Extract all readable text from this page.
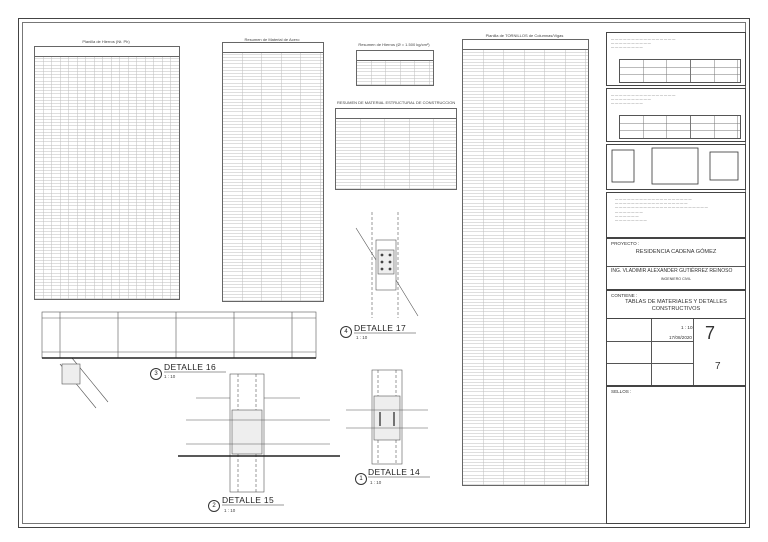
Planilla de Hierros (Nt. Ph)	Resumen de Material de Acero
Resumen de Hierros (Ø = 1.500 kg/cm²)
RESUMEN DE MATERIAL ESTRUCTURAL DE CONSTRUCCION
Planilla de TORNILLOS de Columnas/Vigas
— — — — — — — — — — — — — — — —
— — — — — — — — — —
— — — — — — — —
— — — — — — — — — — — — — — — —
— — — — — — — — — —
— — — — — — — —
— — — — — — — — — — — — — — — — — — —
— — — — — — — — — — — — — — — — — —
— — — — — — — — — — — — — — — — — — — — — — —
— — — — — — —
— — — — — —
— — — — — — — —
PROYECTO :
RESIDENCIA CADENA GÓMEZ
ING. VLADIMIR ALEXANDER GUTIÉRREZ REINOSO
INGENIERO CIVIL
CONTIENE :
TABLAS DE MATERIALES Y DETALLES CONSTRUCTIVOS
1 : 10
17/08/2020 7
7
SELLOS :
4 DETALLE 17
1 : 10
3
DETALLE 16
1 : 10
2
DETALLE 15
1 : 10
1
DETALLE 14
1 : 10
